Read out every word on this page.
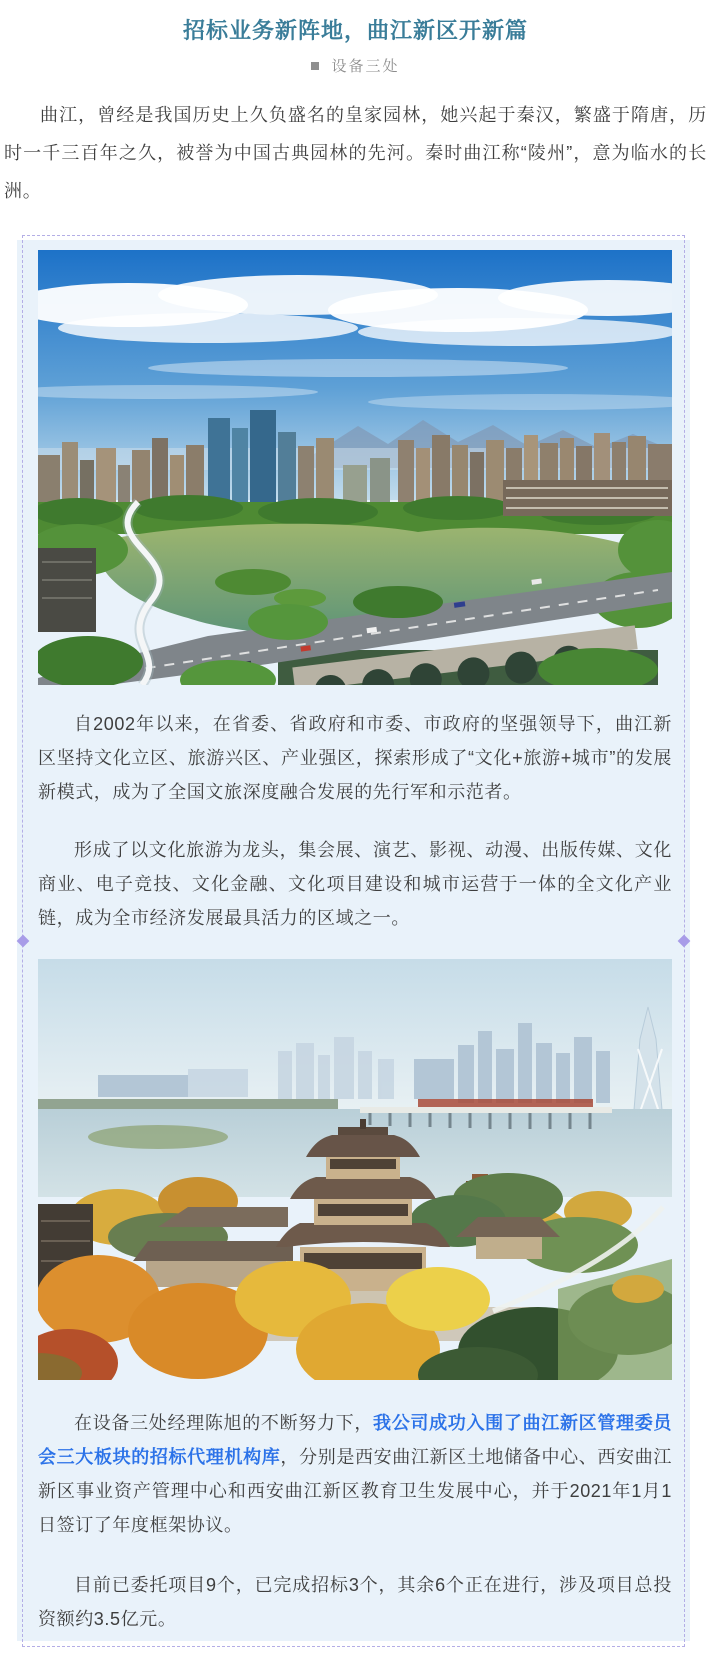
招标业务新阵地，曲江新区开新篇
设备三处

曲江，曾经是我国历史上久负盛名的皇家园林，她兴起于秦汉，繁盛于隋唐，历时一千三百年之久，被誉为中国古典园林的先河。秦时曲江称“陵州”，意为临水的长洲。

自2002年以来，在省委、省政府和市委、市政府的坚强领导下，曲江新区坚持文化立区、旅游兴区、产业强区，探索形成了“文化+旅游+城市”的发展新模式，成为了全国文旅深度融合发展的先行军和示范者。

形成了以文化旅游为龙头，集会展、演艺、影视、动漫、出版传媒、文化商业、电子竞技、文化金融、文化项目建设和城市运营于一体的全文化产业链，成为全市经济发展最具活力的区域之一。

在设备三处经理陈旭的不断努力下，我公司成功入围了曲江新区管理委员会三大板块的招标代理机构库，分别是西安曲江新区土地储备中心、西安曲江新区事业资产管理中心和西安曲江新区教育卫生发展中心，并于2021年1月1日签订了年度框架协议。

目前已委托项目9个，已完成招标3个，其余6个正在进行，涉及项目总投资额约3.5亿元。
